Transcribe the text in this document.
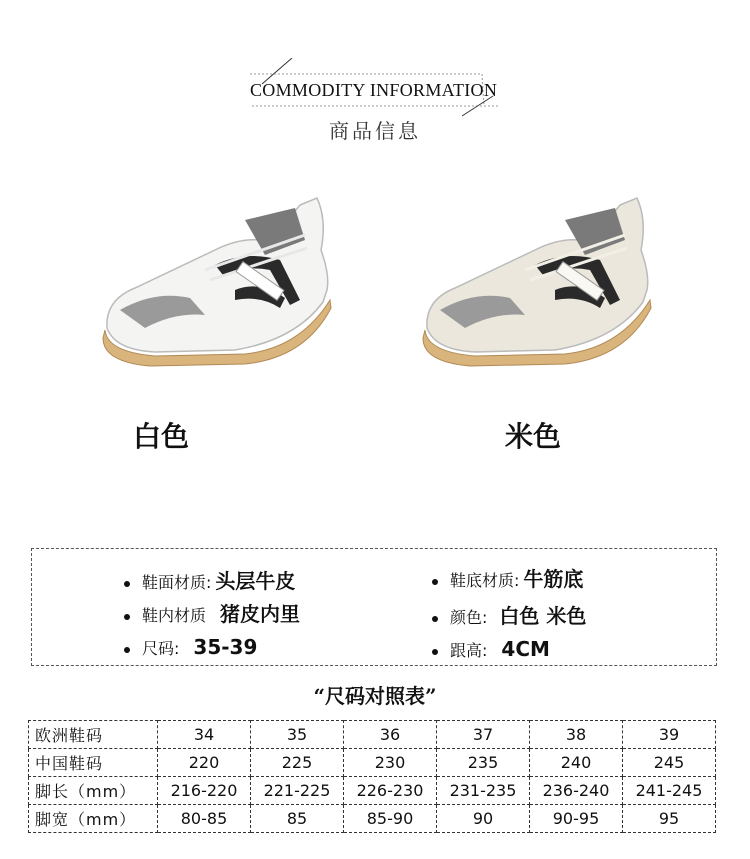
COMMODITY INFORMATION
商品信息
白色	米色
鞋面材质: 头层牛皮	鞋底材质: 牛筋底
鞋内材质 猪皮内里	颜色: 白色 米色
尺码: 35-39	跟高: 4CM
“尺码对照表”
欧洲鞋码	34	35	36	37	38	39
中国鞋码	220	225	230	235	240	245
脚长（mm）	216-220	221-225	226-230	231-235	236-240	241-245
脚宽（mm）	80-85	85	85-90	90	90-95	95
